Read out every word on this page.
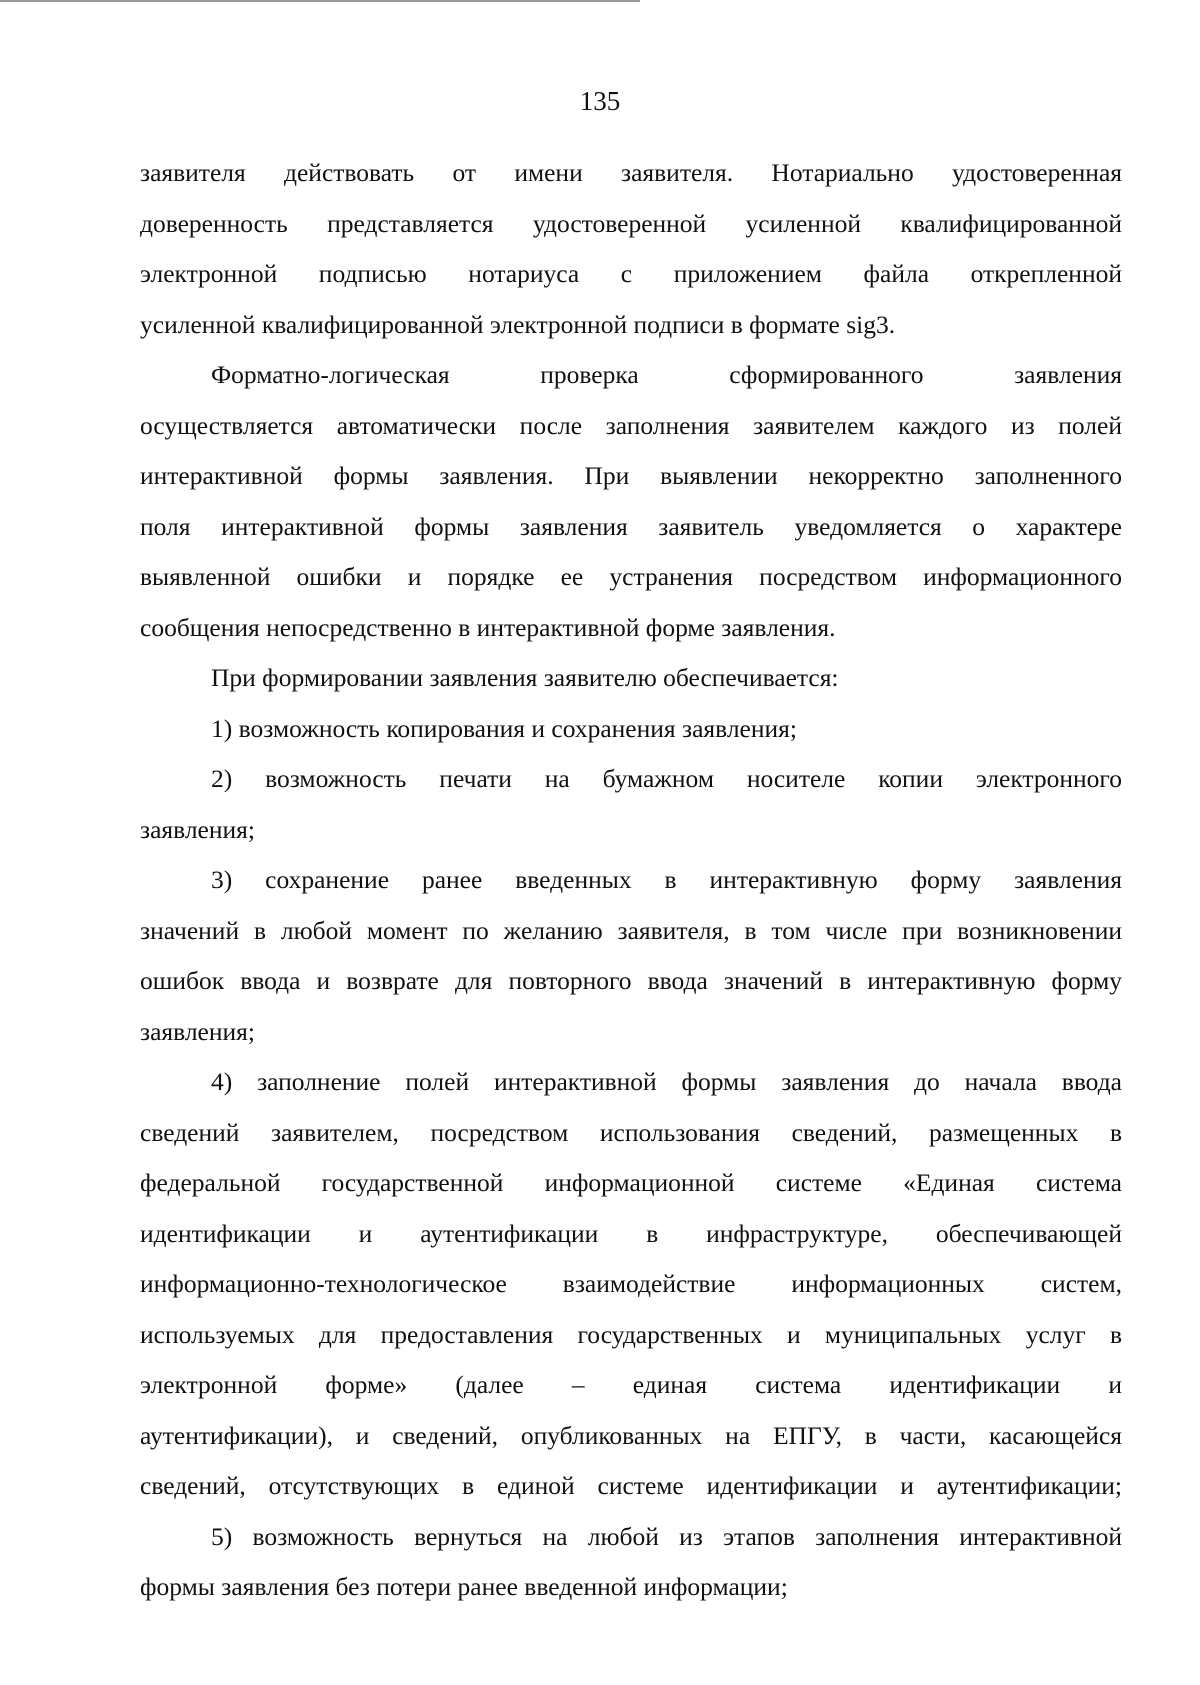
135
заявителя действовать от имени заявителя. Нотариально удостоверенная
доверенность представляется удостоверенной усиленной квалифицированной
электронной подписью нотариуса с приложением файла открепленной
усиленной квалифицированной электронной подписи в формате sig3.
Форматно-логическая проверка сформированного заявления
осуществляется автоматически после заполнения заявителем каждого из полей
интерактивной формы заявления. При выявлении некорректно заполненного
поля интерактивной формы заявления заявитель уведомляется о характере
выявленной ошибки и порядке ее устранения посредством информационного
сообщения непосредственно в интерактивной форме заявления.
При формировании заявления заявителю обеспечивается:
1) возможность копирования и сохранения заявления;
2) возможность печати на бумажном носителе копии электронного
заявления;
3) сохранение ранее введенных в интерактивную форму заявления
значений в любой момент по желанию заявителя, в том числе при возникновении
ошибок ввода и возврате для повторного ввода значений в интерактивную форму
заявления;
4) заполнение полей интерактивной формы заявления до начала ввода
сведений заявителем, посредством использования сведений, размещенных в
федеральной государственной информационной системе «Единая система
идентификации и аутентификации в инфраструктуре, обеспечивающей
информационно-технологическое взаимодействие информационных систем,
используемых для предоставления государственных и муниципальных услуг в
электронной форме» (далее – единая система идентификации и
аутентификации), и сведений, опубликованных на ЕПГУ, в части, касающейся
сведений, отсутствующих в единой системе идентификации и аутентификации;
5) возможность вернуться на любой из этапов заполнения интерактивной
формы заявления без потери ранее введенной информации;
